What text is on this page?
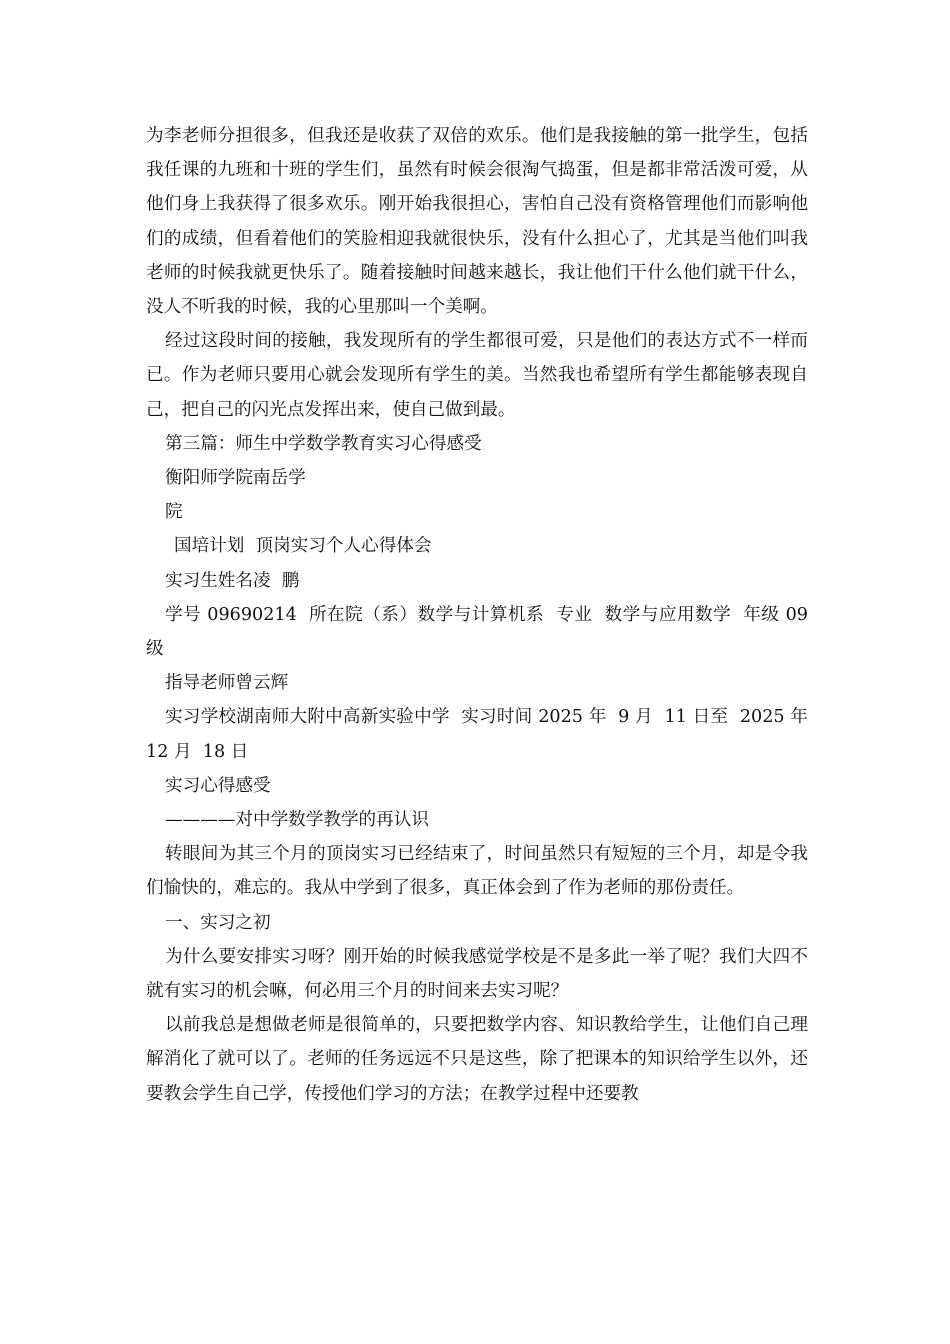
为李老师分担很多，但我还是收获了双倍的欢乐。他们是我接触的第一批学生，包括我任课的九班和十班的学生们，虽然有时候会很淘气捣蛋，但是都非常活泼可爱，从他们身上我获得了很多欢乐。刚开始我很担心，害怕自己没有资格管理他们而影响他们的成绩，但看着他们的笑脸相迎我就很快乐，没有什么担心了，尤其是当他们叫我老师的时候我就更快乐了。随着接触时间越来越长，我让他们干什么他们就干什么，没人不听我的时候，我的心里那叫一个美啊。

经过这段时间的接触，我发现所有的学生都很可爱，只是他们的表达方式不一样而已。作为老师只要用心就会发现所有学生的美。当然我也希望所有学生都能够表现自己，把自己的闪光点发挥出来，使自己做到最。

第三篇：师生中学数学教育实习心得感受

衡阳师学院南岳学

院

国培计划  顶岗实习个人心得体会

实习生姓名凌  鹏

学号 09690214  所在院（系）数学与计算机系  专业  数学与应用数学  年级 09 级

指导老师曾云辉

实习学校湖南师大附中高新实验中学  实习时间 2025 年  9 月  11 日至  2025 年 12 月  18 日

实习心得感受

————对中学数学教学的再认识

转眼间为其三个月的顶岗实习已经结束了，时间虽然只有短短的三个月，却是令我们愉快的，难忘的。我从中学到了很多，真正体会到了作为老师的那份责任。

一、实习之初

为什么要安排实习呀？刚开始的时候我感觉学校是不是多此一举了呢？我们大四不就有实习的机会嘛，何必用三个月的时间来去实习呢？

以前我总是想做老师是很简单的，只要把数学内容、知识教给学生，让他们自己理解消化了就可以了。老师的任务远远不只是这些，除了把课本的知识给学生以外，还要教会学生自己学，传授他们学习的方法；在教学过程中还要教
